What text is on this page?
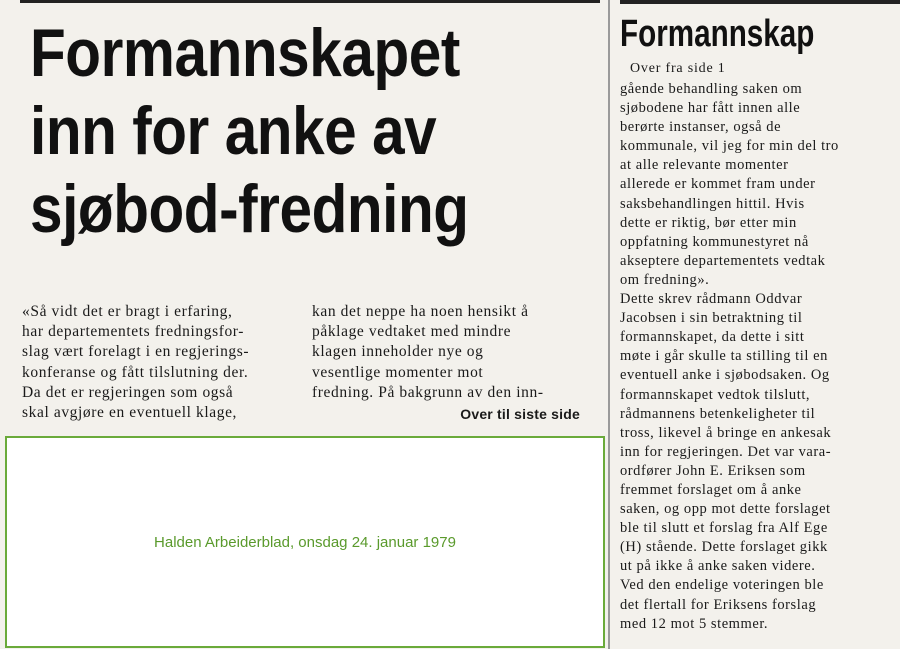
Formannskapet
inn for anke av
sjøbod-fredning
«Så vidt det er bragt i erfaring,
har departementets fredningsfor-
slag vært forelagt i en regjerings-
konferanse og fått tilslutning der.
Da det er regjeringen som også
skal avgjøre en eventuell klage,
kan det neppe ha noen hensikt å
påklage vedtaket med mindre
klagen inneholder nye og
vesentlige momenter mot
fredning. På bakgrunn av den inn-
Over til siste side
Formannskap
Over fra side 1
gående behandling saken om
sjøbodene har fått innen alle
berørte instanser, også de
kommunale, vil jeg for min del tro
at alle relevante momenter
allerede er kommet fram under
saksbehandlingen hittil. Hvis
dette er riktig, bør etter min
oppfatning kommunestyret nå
akseptere departementets vedtak
om fredning».
Dette skrev rådmann Oddvar
Jacobsen i sin betraktning til
formannskapet, da dette i sitt
møte i går skulle ta stilling til en
eventuell anke i sjøbodsaken. Og
formannskapet vedtok tilslutt,
rådmannens betenkeligheter til
tross, likevel å bringe en ankesak
inn for regjeringen. Det var vara-
ordfører John E. Eriksen som
fremmet forslaget om å anke
saken, og opp mot dette forslaget
ble til slutt et forslag fra Alf Ege
(H) stående. Dette forslaget gikk
ut på ikke å anke saken videre.
Ved den endelige voteringen ble
det flertall for Eriksens forslag
med 12 mot 5 stemmer.
Halden Arbeiderblad, onsdag 24. januar 1979
